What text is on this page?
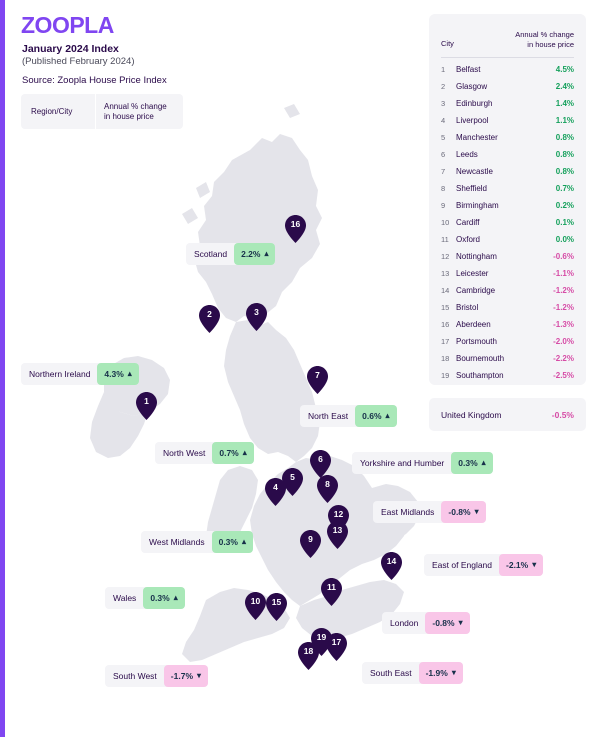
ZOOPLA
January 2024 Index
(Published February 2024)
Source: Zoopla House Price Index
Region/City
Annual % change
in house price
Scotland	2.2% ▴
Northern Ireland	4.3% ▴
North East	0.6% ▴
North West	0.7% ▴
Yorkshire and Humber	0.3% ▴
East Midlands	-0.8% ▾
West Midlands	0.3% ▴
East of England	-2.1% ▾
Wales	0.3% ▴
London	-0.8% ▾
South West	-1.7% ▾	South East	-1.9% ▾
1
2	3
4
5
6
7
8
9
10
11
12
13
14
15
16
17
18
19
City
Annual % change
in house price
1	Belfast	4.5%
2	Glasgow	2.4%
3	Edinburgh	1.4%
4	Liverpool	1.1%
5	Manchester	0.8%
6	Leeds	0.8%
7	Newcastle	0.8%
8	Sheffield	0.7%
9	Birmingham	0.2%
10 Cardiff	0.1%
11 Oxford	0.0%
12 Nottingham	-0.6%
13 Leicester	-1.1%
14 Cambridge	-1.2%
15 Bristol	-1.2%
16 Aberdeen	-1.3%
17 Portsmouth	-2.0%
18 Bournemouth	-2.2%
19 Southampton	-2.5%
United Kingdom	-0.5%
